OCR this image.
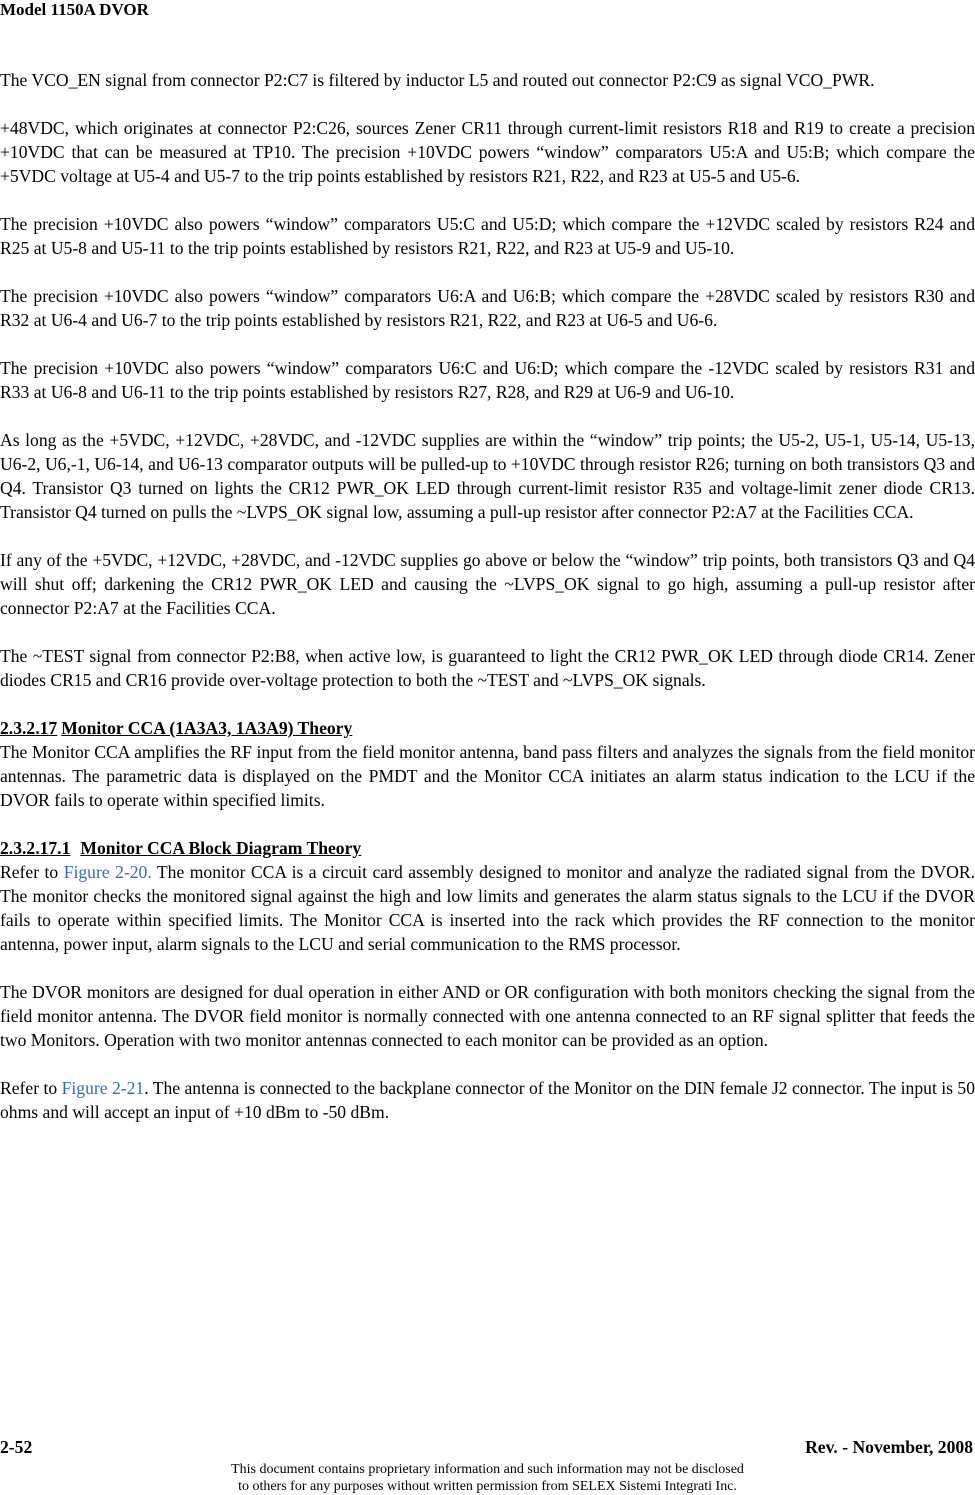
Model 1150A DVOR

The VCO_EN signal from connector P2:C7 is filtered by inductor L5 and routed out connector P2:C9 as signal VCO_PWR.

+48VDC, which originates at connector P2:C26, sources Zener CR11 through current-limit resistors R18 and R19 to create a precision +10VDC that can be measured at TP10. The precision +10VDC powers “window” comparators U5:A and U5:B; which compare the +5VDC voltage at U5-4 and U5-7 to the trip points established by resistors R21, R22, and R23 at U5-5 and U5-6.

The precision +10VDC also powers “window” comparators U5:C and U5:D; which compare the +12VDC scaled by resistors R24 and R25 at U5-8 and U5-11 to the trip points established by resistors R21, R22, and R23 at U5-9 and U5-10.

The precision +10VDC also powers “window” comparators U6:A and U6:B; which compare the +28VDC scaled by resistors R30 and R32 at U6-4 and U6-7 to the trip points established by resistors R21, R22, and R23 at U6-5 and U6-6.

The precision +10VDC also powers “window” comparators U6:C and U6:D; which compare the -12VDC scaled by resistors R31 and R33 at U6-8 and U6-11 to the trip points established by resistors R27, R28, and R29 at U6-9 and U6-10.

As long as the +5VDC, +12VDC, +28VDC, and -12VDC supplies are within the “window” trip points; the U5-2, U5-1, U5-14, U5-13, U6-2, U6,-1, U6-14, and U6-13 comparator outputs will be pulled-up to +10VDC through resistor R26; turning on both transistors Q3 and Q4. Transistor Q3 turned on lights the CR12 PWR_OK LED through current-limit resistor R35 and voltage-limit zener diode CR13. Transistor Q4 turned on pulls the ~LVPS_OK signal low, assuming a pull-up resistor after connector P2:A7 at the Facilities CCA.

If any of the +5VDC, +12VDC, +28VDC, and -12VDC supplies go above or below the “window” trip points, both transistors Q3 and Q4 will shut off; darkening the CR12 PWR_OK LED and causing the ~LVPS_OK signal to go high, assuming a pull-up resistor after connector P2:A7 at the Facilities CCA.

The ~TEST signal from connector P2:B8, when active low, is guaranteed to light the CR12 PWR_OK LED through diode CR14. Zener diodes CR15 and CR16 provide over-voltage protection to both the ~TEST and ~LVPS_OK signals.

2.3.2.17 Monitor CCA (1A3A3, 1A3A9) Theory

The Monitor CCA amplifies the RF input from the field monitor antenna, band pass filters and analyzes the signals from the field monitor antennas. The parametric data is displayed on the PMDT and the Monitor CCA initiates an alarm status indication to the LCU if the DVOR fails to operate within specified limits.

2.3.2.17.1 Monitor CCA Block Diagram Theory

Refer to Figure 2-20. The monitor CCA is a circuit card assembly designed to monitor and analyze the radiated signal from the DVOR. The monitor checks the monitored signal against the high and low limits and generates the alarm status signals to the LCU if the DVOR fails to operate within specified limits. The Monitor CCA is inserted into the rack which provides the RF connection to the monitor antenna, power input, alarm signals to the LCU and serial communication to the RMS processor.

The DVOR monitors are designed for dual operation in either AND or OR configuration with both monitors checking the signal from the field monitor antenna. The DVOR field monitor is normally connected with one antenna connected to an RF signal splitter that feeds the two Monitors. Operation with two monitor antennas connected to each monitor can be provided as an option.

Refer to Figure 2-21. The antenna is connected to the backplane connector of the Monitor on the DIN female J2 connector. The input is 50 ohms and will accept an input of +10 dBm to -50 dBm.

2-52	Rev. - November, 2008
This document contains proprietary information and such information may not be disclosed
to others for any purposes without written permission from SELEX Sistemi Integrati Inc.
